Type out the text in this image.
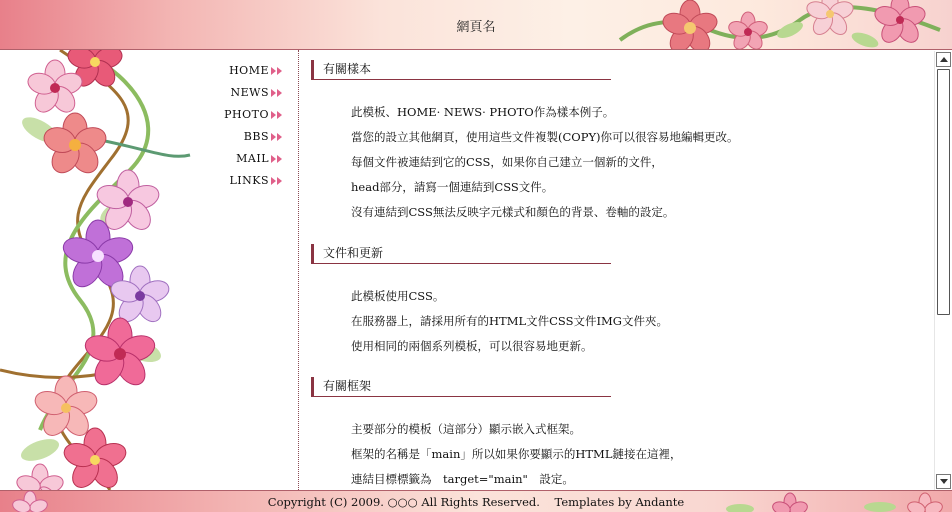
網頁名
HOME
NEWS
PHOTO
BBS
MAIL
LINKS
有關樣本
此模板、HOME· NEWS· PHOTO作為樣本例子。
當您的設立其他網頁，使用這些文件複製(COPY)你可以很容易地編輯更改。
每個文件被連結到它的CSS，如果你自己建立一個新的文件，
head部分，請寫一個連結到CSS文件。
沒有連結到CSS無法反映字元樣式和顏色的背景、卷軸的設定。
文件和更新
此模板使用CSS。
在服務器上，請採用所有的HTML文件CSS文件IMG文件夾。
使用相同的兩個系列模板，可以很容易地更新。
有關框架
主要部分的模板（這部分）顯示嵌入式框架。
框架的名稱是「main」所以如果你要顯示的HTML鏈接在這裡，
連結目標標籤為　target="main"　設定。
Copyright (C) 2009. ○○○ All Rights Reserved.    Templates by Andante
